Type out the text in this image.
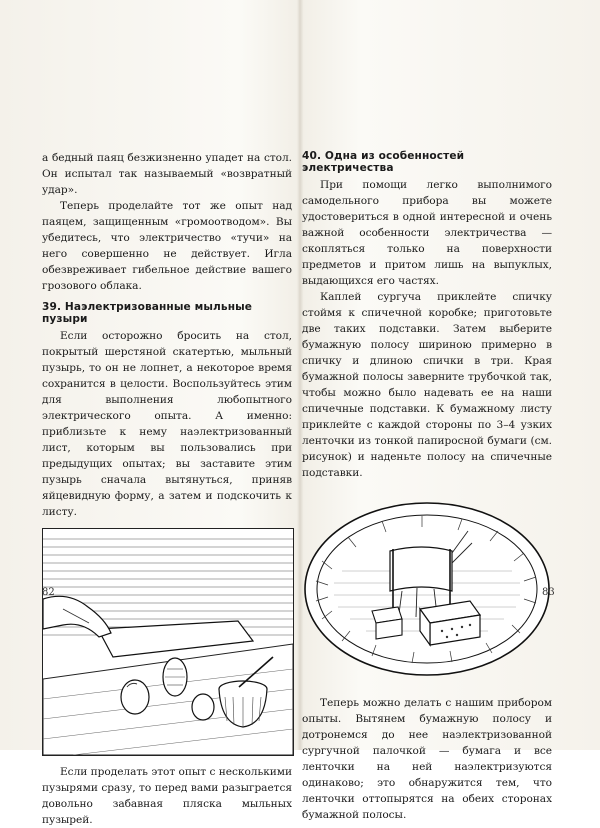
а бедный паяц безжизненно упадет на стол. Он испытал так называемый «возвратный удар».

Теперь проделайте тот же опыт над паяцем, защищенным «громоотводом». Вы убедитесь, что электричество «тучи» на него совершенно не действует. Игла обезвреживает гибельное действие вашего грозового облака.

39. Наэлектризованные мыльные пузыри

Если осторожно бросить на стол, покрытый шерстяной скатертью, мыльный пузырь, то он не лопнет, а некоторое время сохранится в целости. Воспользуйтесь этим для выполнения любопытного электрического опыта. А именно: приблизьте к нему наэлектризованный лист, которым вы пользовались при предыдущих опытах; вы заставите этим пузырь сначала вытянуться, приняв яйцевидную форму, а затем и подскочить к листу.

Если проделать этот опыт с несколькими пузырями сразу, то перед вами разыграется довольно забавная пляска мыльных пузырей.

40. Одна из особенностей электричества

При помощи легко выполнимого самодельного прибора вы можете удостовериться в одной интересной и очень важной особенности электричества — скопляться только на поверхности предметов и притом лишь на выпуклых, выдающихся его частях.

Каплей сургуча приклейте спичку стоймя к спичечной коробке; приготовьте две таких подставки. Затем выберите бумажную полосу шириною примерно в спичку и длиною спички в три. Края бумажной полосы заверните трубочкой так, чтобы можно было надевать ее на наши спичечные подставки. К бумажному листу приклейте с каждой стороны по 3–4 узких ленточки из тонкой папиросной бумаги (см. рисунок) и наденьте полосу на спичечные подставки.

Теперь можно делать с нашим прибором опыты. Вытянем бумажную полосу и дотронемся до нее наэлектризованной сургучной палочкой — бумага и все ленточки на ней наэлектризуются одинаково; это обнаружится тем, что ленточки оттопырятся на обеих сторонах бумажной полосы.

82	83
